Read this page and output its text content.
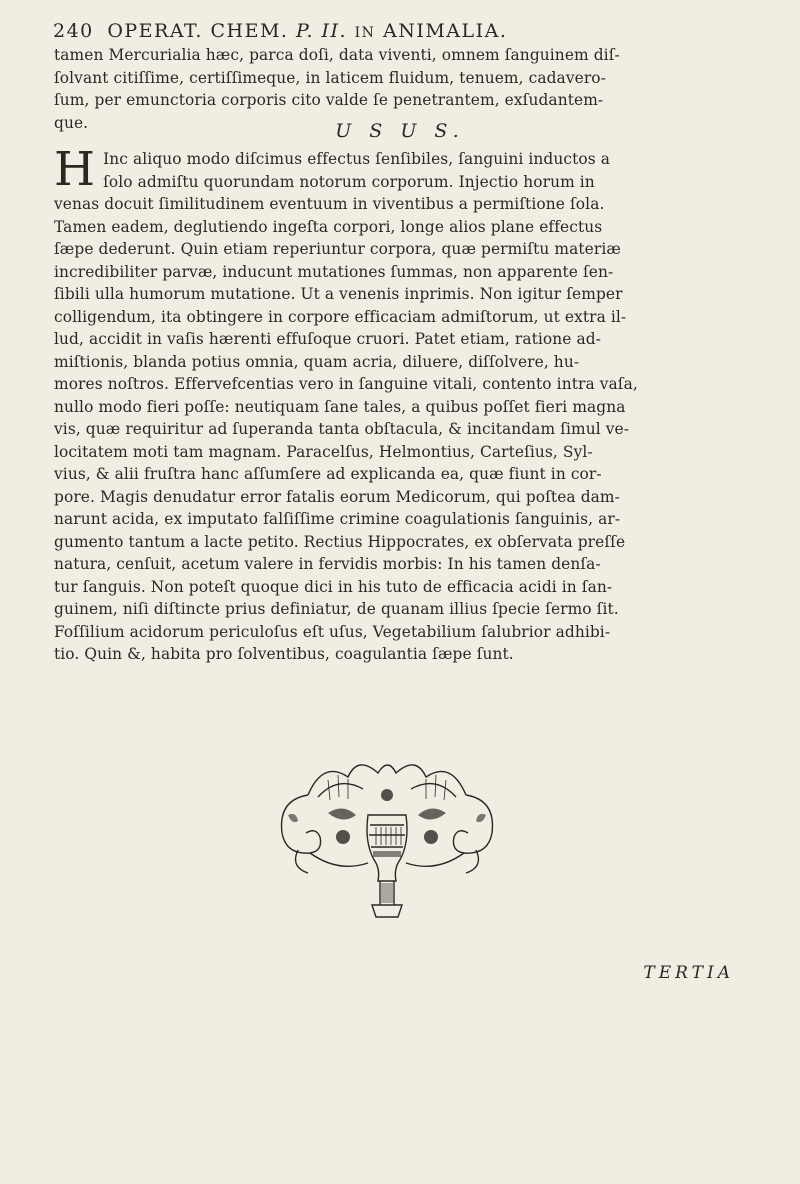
240 OPERAT. CHEM. P. II. IN ANIMALIA.
tamen Mercurialia hæc, parca doſi, data viventi, omnem ſanguinem diſ-
ſolvant citiſſime, certiſſimeque, in laticem fluidum, tenuem, cadavero-
ſum, per emunctoria corporis cito valde ſe penetrantem, exſudantem-
que.	U S U S.
H Inc aliquo modo diſcimus effectus ſenſibiles, ſanguini inductos a
ſolo admiſtu quorundam notorum corporum. Injectio horum in
venas docuit ſimilitudinem eventuum in viventibus a permiſtione ſola.
Tamen eadem, deglutiendo ingeſta corpori, longe alios plane effectus
ſæpe dederunt. Quin etiam reperiuntur corpora, quæ permiſtu materiæ
incredibiliter parvæ, inducunt mutationes ſummas, non apparente ſen-
ſibili ulla humorum mutatione. Ut a venenis inprimis. Non igitur ſemper
colligendum, ita obtingere in corpore efficaciam admiſtorum, ut extra il-
lud, accidit in vaſis hærenti effuſoque cruori. Patet etiam, ratione ad-
miſtionis, blanda potius omnia, quam acria, diluere, diſſolvere, hu-
mores noſtros. Effervefcentias vero in ſanguine vitali, contento intra vaſa,
nullo modo fieri poſſe: neutiquam ſane tales, a quibus poſſet fieri magna
vis, quæ requiritur ad ſuperanda tanta obſtacula, & incitandam ſimul ve-
locitatem moti tam magnam. Paracelſus, Helmontius, Carteſius, Syl-
vius, & alii fruſtra hanc aſſumſere ad explicanda ea, quæ fiunt in cor-
pore. Magis denudatur error fatalis eorum Medicorum, qui poſtea dam-
narunt acida, ex imputato falſiſſime crimine coagulationis ſanguinis, ar-
gumento tantum a lacte petito. Rectius Hippocrates, ex obſervata preſſe
natura, cenſuit, acetum valere in fervidis morbis: In his tamen denſa-
tur ſanguis. Non poteſt quoque dici in his tuto de efficacia acidi in ſan-
guinem, niſi diſtincte prius definiatur, de quanam illius ſpecie ſermo ſit.
Foſſilium acidorum periculoſus eſt uſus, Vegetabilium ſalubrior adhibi-
tio. Quin &, habita pro ſolventibus, coagulantia ſæpe ſunt.
TERTIA
